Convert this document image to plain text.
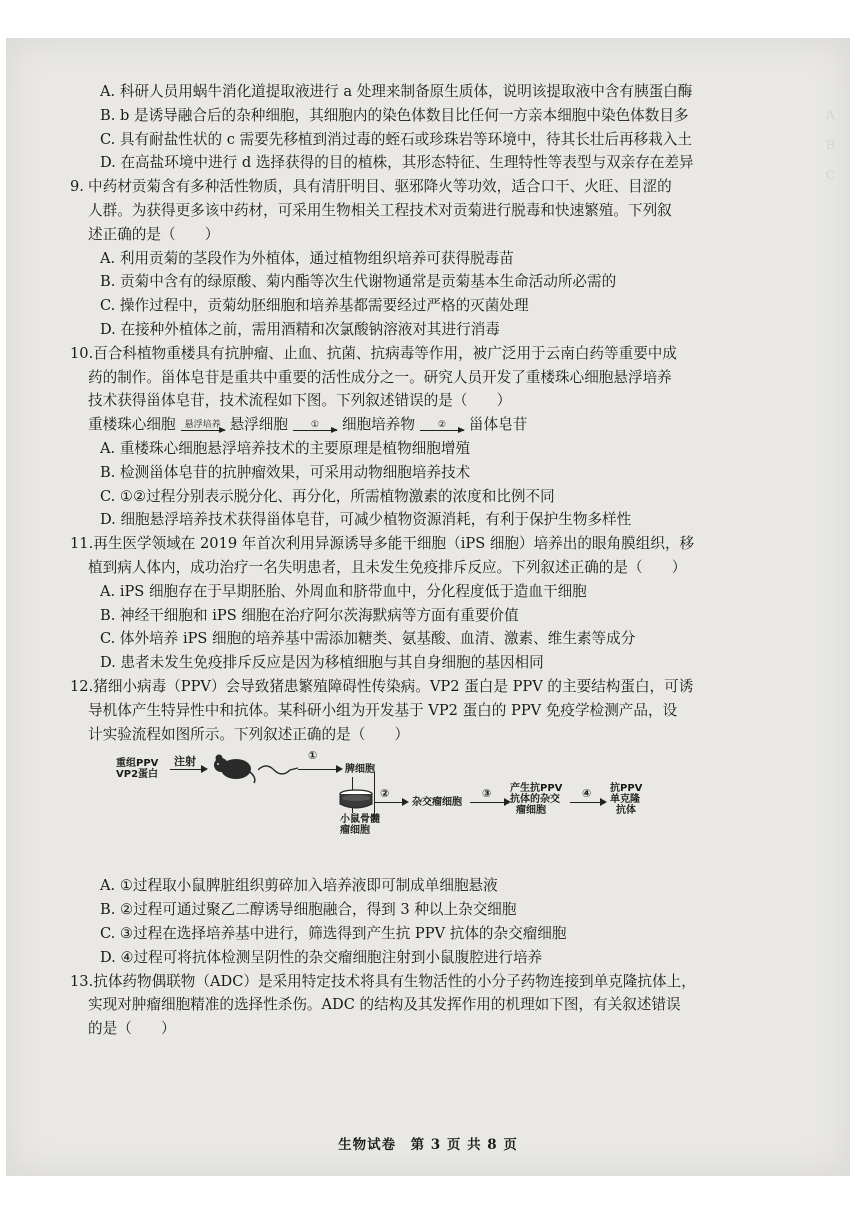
A
B
C
A. 科研人员用蜗牛消化道提取液进行 a 处理来制备原生质体，说明该提取液中含有胰蛋白酶
B. b 是诱导融合后的杂种细胞，其细胞内的染色体数目比任何一方亲本细胞中染色体数目多
C. 具有耐盐性状的 c 需要先移植到消过毒的蛭石或珍珠岩等环境中，待其长壮后再移栽入土
D. 在高盐环境中进行 d 选择获得的目的植株，其形态特征、生理特性等表型与双亲存在差异
9. 中药材贡菊含有多种活性物质，具有清肝明目、驱邪降火等功效，适合口干、火旺、目涩的
人群。为获得更多该中药材，可采用生物相关工程技术对贡菊进行脱毒和快速繁殖。下列叙
述正确的是（　　）
A. 利用贡菊的茎段作为外植体，通过植物组织培养可获得脱毒苗
B. 贡菊中含有的绿原酸、菊内酯等次生代谢物通常是贡菊基本生命活动所必需的
C. 操作过程中，贡菊幼胚细胞和培养基都需要经过严格的灭菌处理
D. 在接种外植体之前，需用酒精和次氯酸钠溶液对其进行消毒
10.百合科植物重楼具有抗肿瘤、止血、抗菌、抗病毒等作用，被广泛用于云南白药等重要中成
药的制作。甾体皂苷是重共中重要的活性成分之一。研究人员开发了重楼珠心细胞悬浮培养
技术获得甾体皂苷，技术流程如下图。下列叙述错误的是（　　）
重楼珠心细胞 悬浮培养 悬浮细胞	① 细胞培养物	② 甾体皂苷
A. 重楼珠心细胞悬浮培养技术的主要原理是植物细胞增殖
B. 检测甾体皂苷的抗肿瘤效果，可采用动物细胞培养技术
C. ①②过程分别表示脱分化、再分化，所需植物激素的浓度和比例不同
D. 细胞悬浮培养技术获得甾体皂苷，可减少植物资源消耗，有利于保护生物多样性
11.再生医学领域在 2019 年首次利用异源诱导多能干细胞（iPS 细胞）培养出的眼角膜组织，移
植到病人体内，成功治疗一名失明患者，且未发生免疫排斥反应。下列叙述正确的是（　　）
A. iPS 细胞存在于早期胚胎、外周血和脐带血中，分化程度低于造血干细胞
B. 神经干细胞和 iPS 细胞在治疗阿尔茨海默病等方面有重要价值
C. 体外培养 iPS 细胞的培养基中需添加糖类、氨基酸、血清、激素、维生素等成分
D. 患者未发生免疫排斥反应是因为移植细胞与其自身细胞的基因相同
12.猪细小病毒（PPV）会导致猪患繁殖障碍性传染病。VP2 蛋白是 PPV 的主要结构蛋白，可诱
导机体产生特异性中和抗体。某科研小组为开发基于 VP2 蛋白的 PPV 免疫学检测产品，设
计实验流程如图所示。下列叙述正确的是（　　）
重组PPV
VP2蛋白
注射	①
脾细胞
小鼠骨髓
瘤细胞
②
杂交瘤细胞
③ 产生抗PPV
抗体的杂交
瘤细胞
④ 抗PPV
单克隆
抗体
A. ①过程取小鼠脾脏组织剪碎加入培养液即可制成单细胞悬液
B. ②过程可通过聚乙二醇诱导细胞融合，得到 3 种以上杂交细胞
C. ③过程在选择培养基中进行，筛选得到产生抗 PPV 抗体的杂交瘤细胞
D. ④过程可将抗体检测呈阴性的杂交瘤细胞注射到小鼠腹腔进行培养
13.抗体药物偶联物（ADC）是采用特定技术将具有生物活性的小分子药物连接到单克隆抗体上，
实现对肿瘤细胞精准的选择性杀伤。ADC 的结构及其发挥作用的机理如下图，有关叙述错误
的是（　　）
生物试卷　第 3 页 共 8 页
